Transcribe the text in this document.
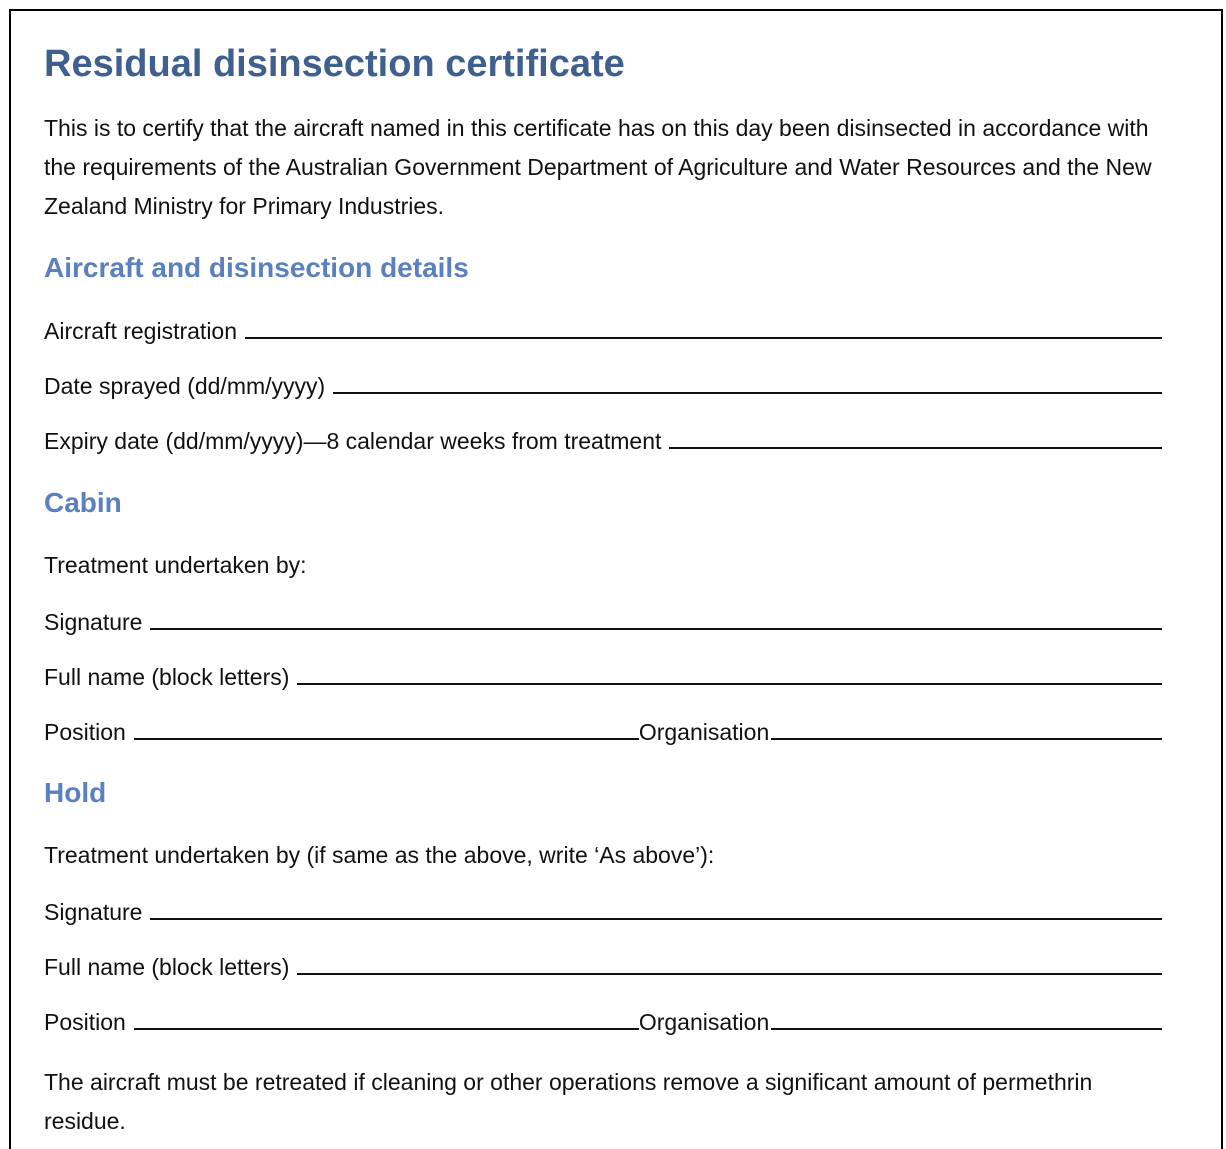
Residual disinsection certificate

This is to certify that the aircraft named in this certificate has on this day been disinsected in accordance with the requirements of the Australian Government Department of Agriculture and Water Resources and the New Zealand Ministry for Primary Industries.

Aircraft and disinsection details
Aircraft registration
Date sprayed (dd/mm/yyyy)
Expiry date (dd/mm/yyyy)—8 calendar weeks from treatment
Cabin
Treatment undertaken by:
Signature
Full name (block letters)
Position	Organisation
Hold
Treatment undertaken by (if same as the above, write ‘As above’):
Signature
Full name (block letters)
Position	Organisation

The aircraft must be retreated if cleaning or other operations remove a significant amount of permethrin residue.
